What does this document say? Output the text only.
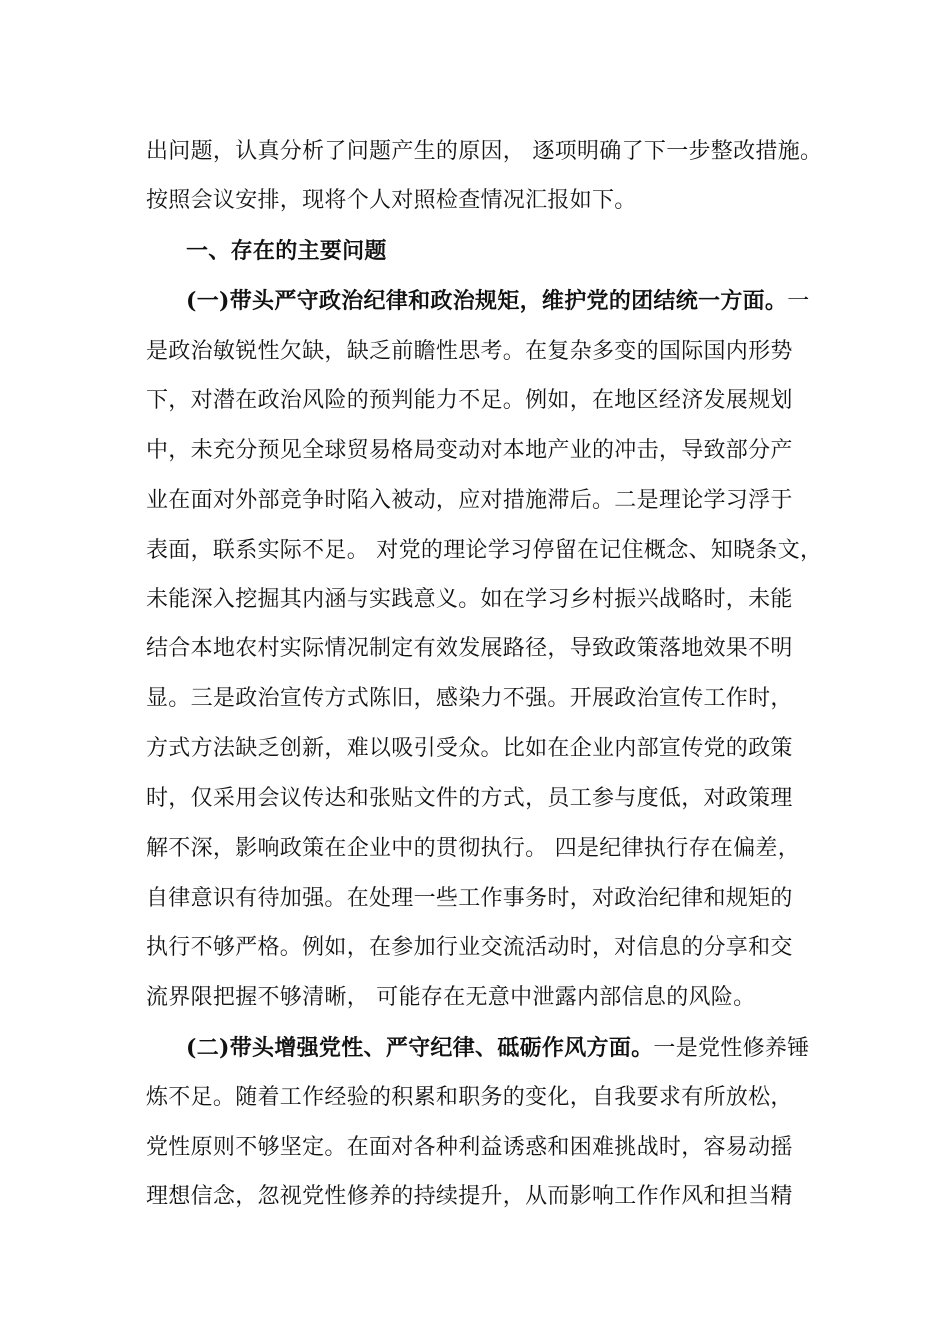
出问题，认真分析了问题产生的原因， 逐项明确了下一步整改措施。
按照会议安排，现将个人对照检查情况汇报如下。
一、存在的主要问题
(一)带头严守政治纪律和政治规矩，维护党的团结统一方面。一
是政治敏锐性欠缺，缺乏前瞻性思考。在复杂多变的国际国内形势
下，对潜在政治风险的预判能力不足。例如，在地区经济发展规划
中，未充分预见全球贸易格局变动对本地产业的冲击，导致部分产
业在面对外部竞争时陷入被动，应对措施滞后。二是理论学习浮于
表面，联系实际不足。 对党的理论学习停留在记住概念、知晓条文，
未能深入挖掘其内涵与实践意义。如在学习乡村振兴战略时，未能
结合本地农村实际情况制定有效发展路径，导致政策落地效果不明
显。三是政治宣传方式陈旧，感染力不强。开展政治宣传工作时，
方式方法缺乏创新，难以吸引受众。比如在企业内部宣传党的政策
时，仅采用会议传达和张贴文件的方式，员工参与度低，对政策理
解不深，影响政策在企业中的贯彻执行。 四是纪律执行存在偏差，
自律意识有待加强。在处理一些工作事务时，对政治纪律和规矩的
执行不够严格。例如，在参加行业交流活动时，对信息的分享和交
流界限把握不够清晰， 可能存在无意中泄露内部信息的风险。
(二)带头增强党性、严守纪律、砥砺作风方面。一是党性修养锤
炼不足。随着工作经验的积累和职务的变化，自我要求有所放松，
党性原则不够坚定。在面对各种利益诱惑和困难挑战时，容易动摇
理想信念，忽视党性修养的持续提升，从而影响工作作风和担当精
